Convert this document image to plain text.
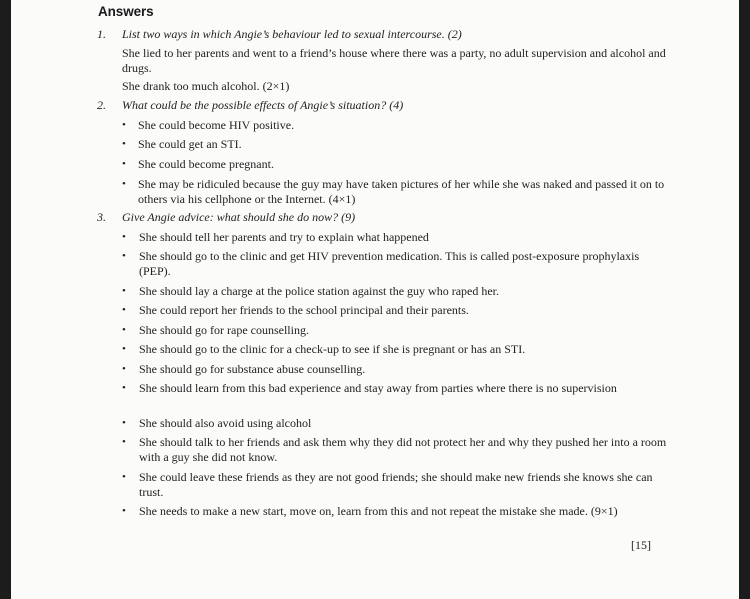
Answers
1. List two ways in which Angie’s behaviour led to sexual intercourse. (2)
She lied to her parents and went to a friend’s house where there was a party, no adult supervision and alcohol and drugs.
She drank too much alcohol. (2×1)
2. What could be the possible effects of Angie’s situation? (4)
•	She could become HIV positive.
•	She could get an STI.
•	She could become pregnant.
•	She may be ridiculed because the guy may have taken pictures of her while she was naked and passed it on to others via his cellphone or the Internet. (4×1)
3. Give Angie advice: what should she do now? (9)
•	She should tell her parents and try to explain what happened
•	She should go to the clinic and get HIV prevention medication. This is called post-exposure prophylaxis (PEP).
•	She should lay a charge at the police station against the guy who raped her.
•	She could report her friends to the school principal and their parents.
•	She should go for rape counselling.
•	She should go to the clinic for a check-up to see if she is pregnant or has an STI.
•	She should go for substance abuse counselling.
•	She should learn from this bad experience and stay away from parties where there is no supervision
•	She should also avoid using alcohol
•	She should talk to her friends and ask them why they did not protect her and why they pushed her into a room with a guy she did not know.
•	She could leave these friends as they are not good friends; she should make new friends she knows she can trust.
•	She needs to make a new start, move on, learn from this and not repeat the mistake she made. (9×1)
[15]
